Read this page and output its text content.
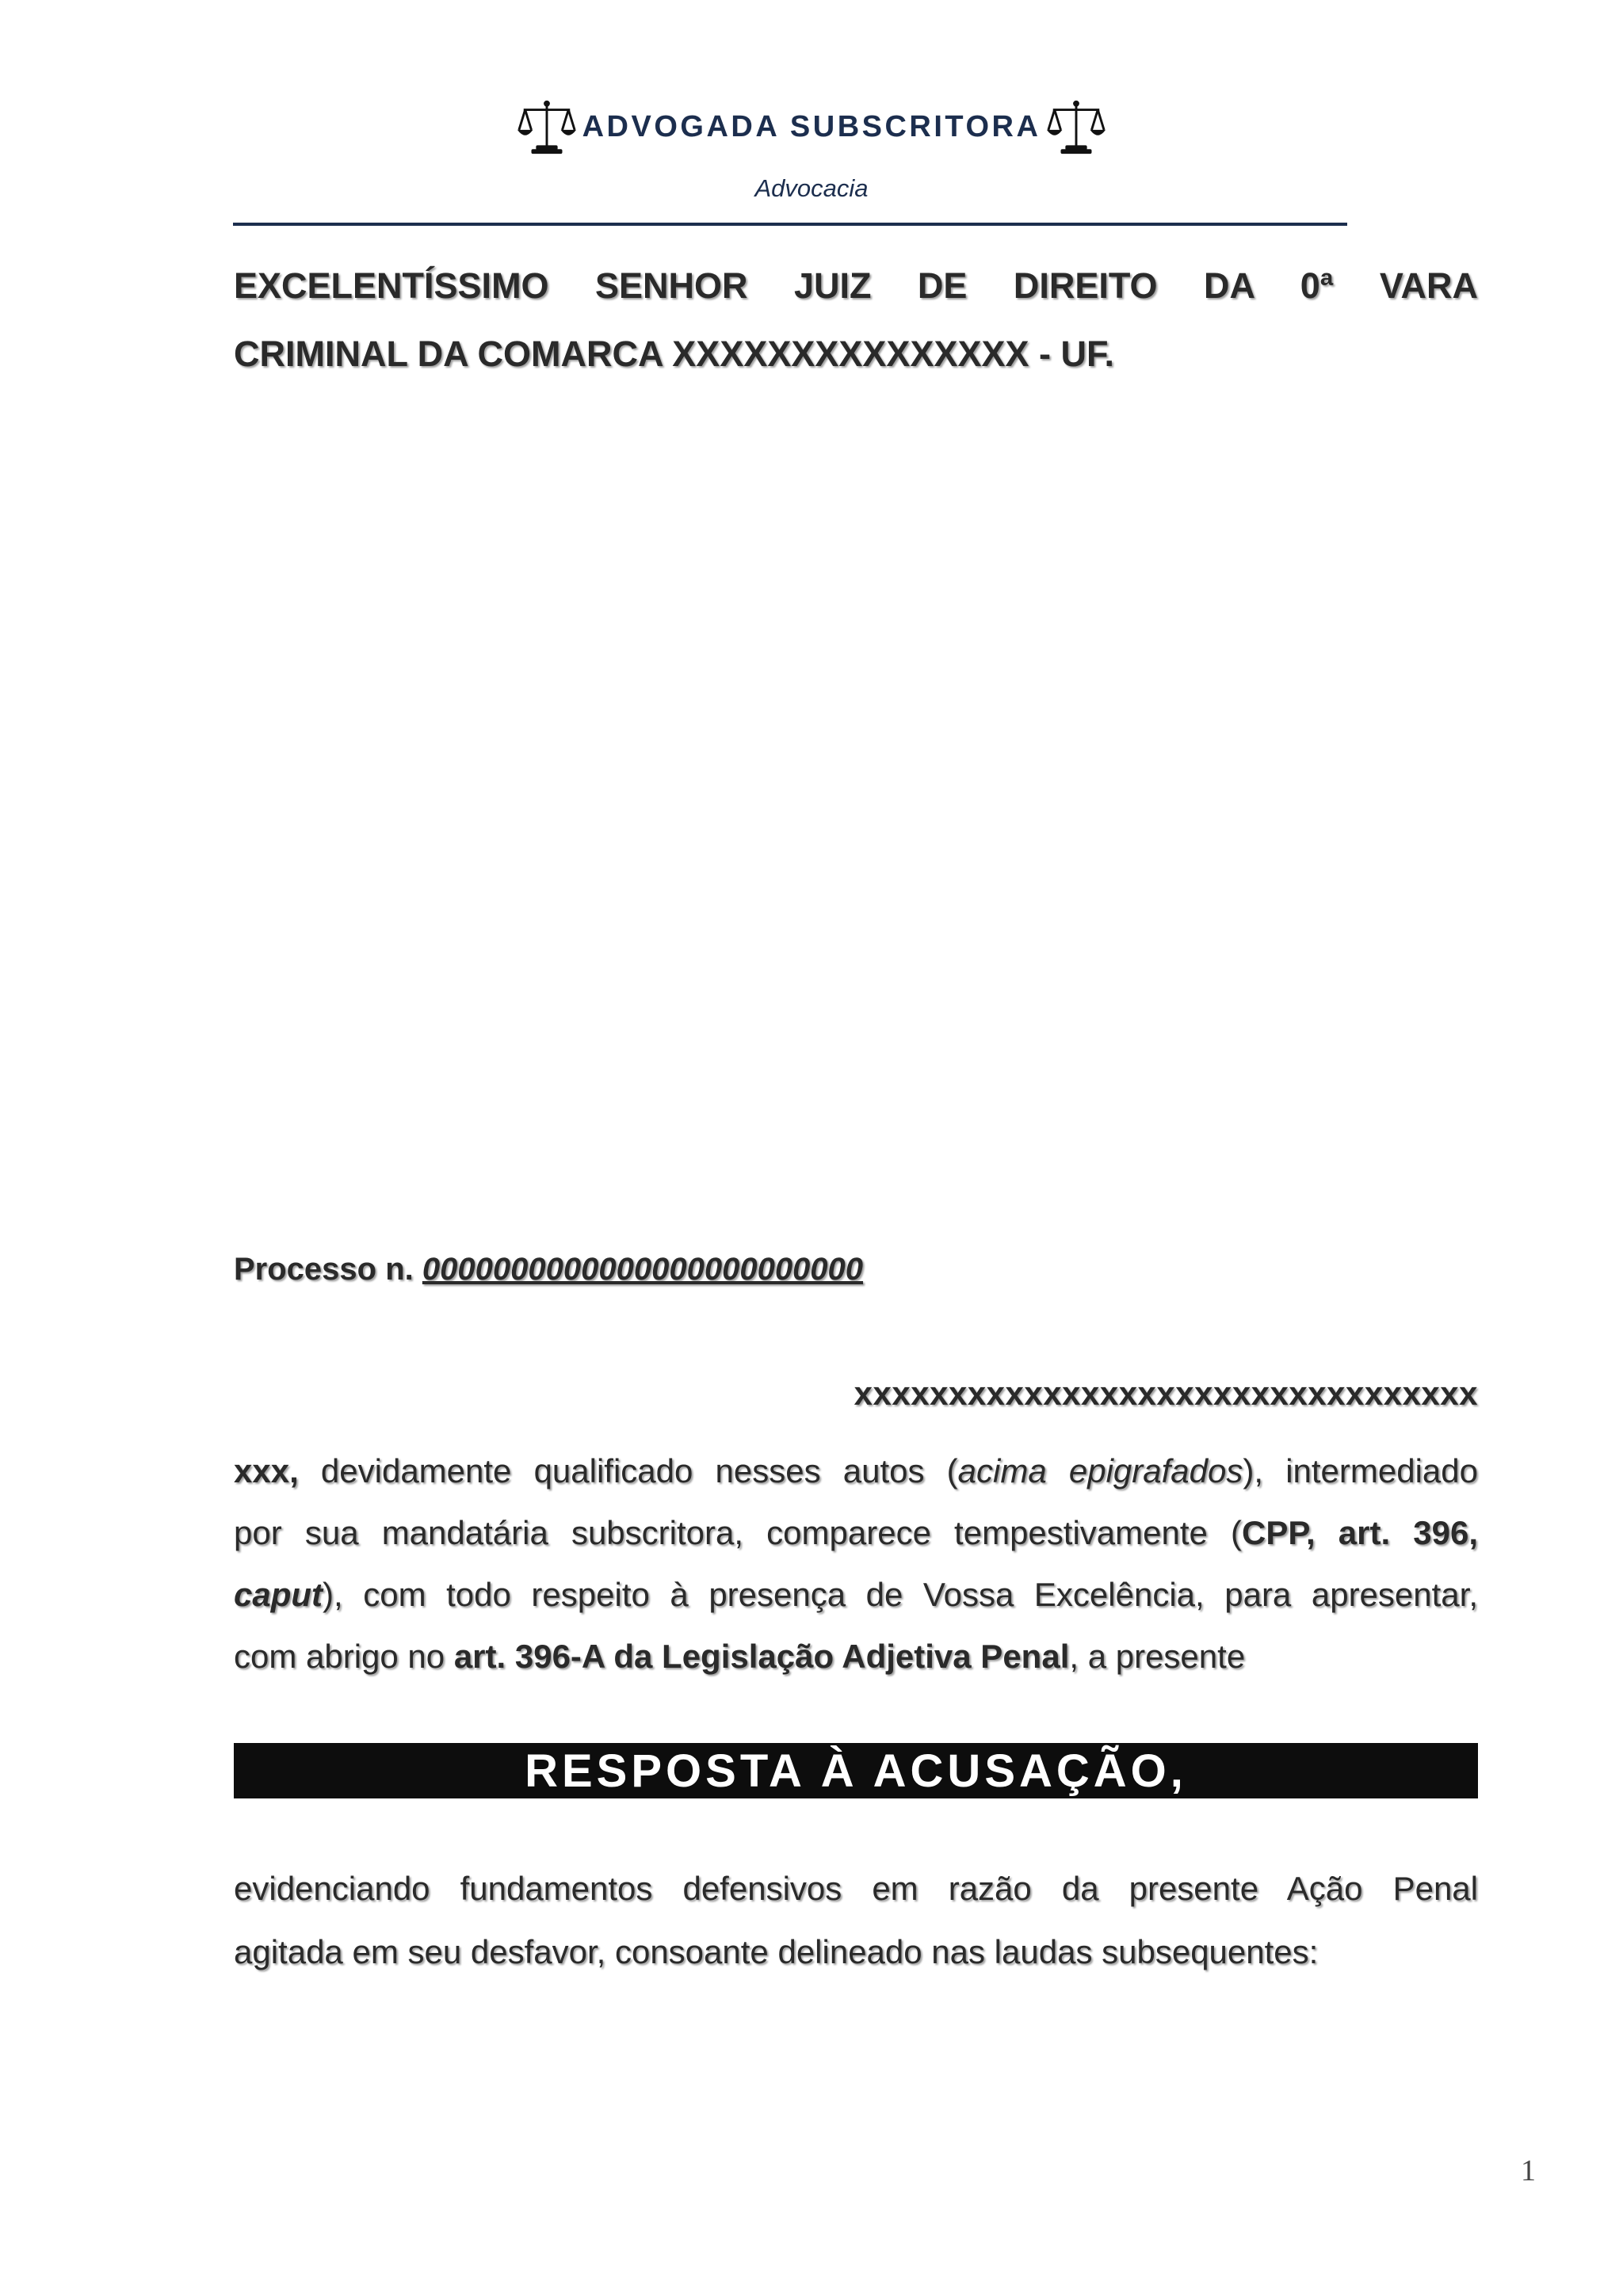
ADVOGADA SUBSCRITORA
Advocacia
EXCELENTÍSSIMO SENHOR JUIZ DE DIREITO DA 0ª VARA
CRIMINAL DA COMARCA XXXXXXXXXXXXXXX - UF.
Processo n. 0000000000000000000000000
xxxxxxxxxxxxxxxxxxxxxxxxxxxxxxxxx
xxx, devidamente qualificado nesses autos (acima epigrafados), intermediado
por sua mandatária subscritora, comparece tempestivamente (CPP, art. 396,
caput), com todo respeito à presença de Vossa Excelência, para apresentar,
com abrigo no art. 396-A da Legislação Adjetiva Penal, a presente
RESPOSTA À ACUSAÇÃO,
evidenciando fundamentos defensivos em razão da presente Ação Penal
agitada em seu desfavor, consoante delineado nas laudas subsequentes:
1
